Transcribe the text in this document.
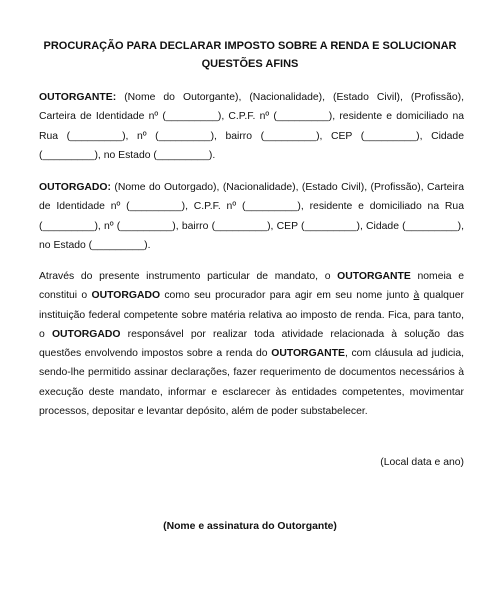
PROCURAÇÃO PARA DECLARAR IMPOSTO SOBRE A RENDA E SOLUCIONAR
QUESTÕES AFINS
OUTORGANTE: (Nome do Outorgante), (Nacionalidade), (Estado Civil), (Profissão), Carteira de Identidade nº (_________), C.P.F. nº (_________), residente e domiciliado na Rua (_________), nº (_________), bairro (_________), CEP (_________), Cidade (_________), no Estado (_________).
OUTORGADO: (Nome do Outorgado), (Nacionalidade), (Estado Civil), (Profissão), Carteira de Identidade nº (_________), C.P.F. nº (_________), residente e domiciliado na Rua (_________), nº (_________), bairro (_________), CEP (_________), Cidade (_________), no Estado (_________).
Através do presente instrumento particular de mandato, o OUTORGANTE nomeia e constitui o OUTORGADO como seu procurador para agir em seu nome junto à qualquer instituição federal competente sobre matéria relativa ao imposto de renda. Fica, para tanto, o OUTORGADO responsável por realizar toda atividade relacionada à solução das questões envolvendo impostos sobre a renda do OUTORGANTE, com cláusula ad judicia, sendo-lhe permitido assinar declarações, fazer requerimento de documentos necessários à execução deste mandato, informar e esclarecer às entidades competentes, movimentar processos, depositar e levantar depósito, além de poder substabelecer.
(Local data e ano)
(Nome e assinatura do Outorgante)
